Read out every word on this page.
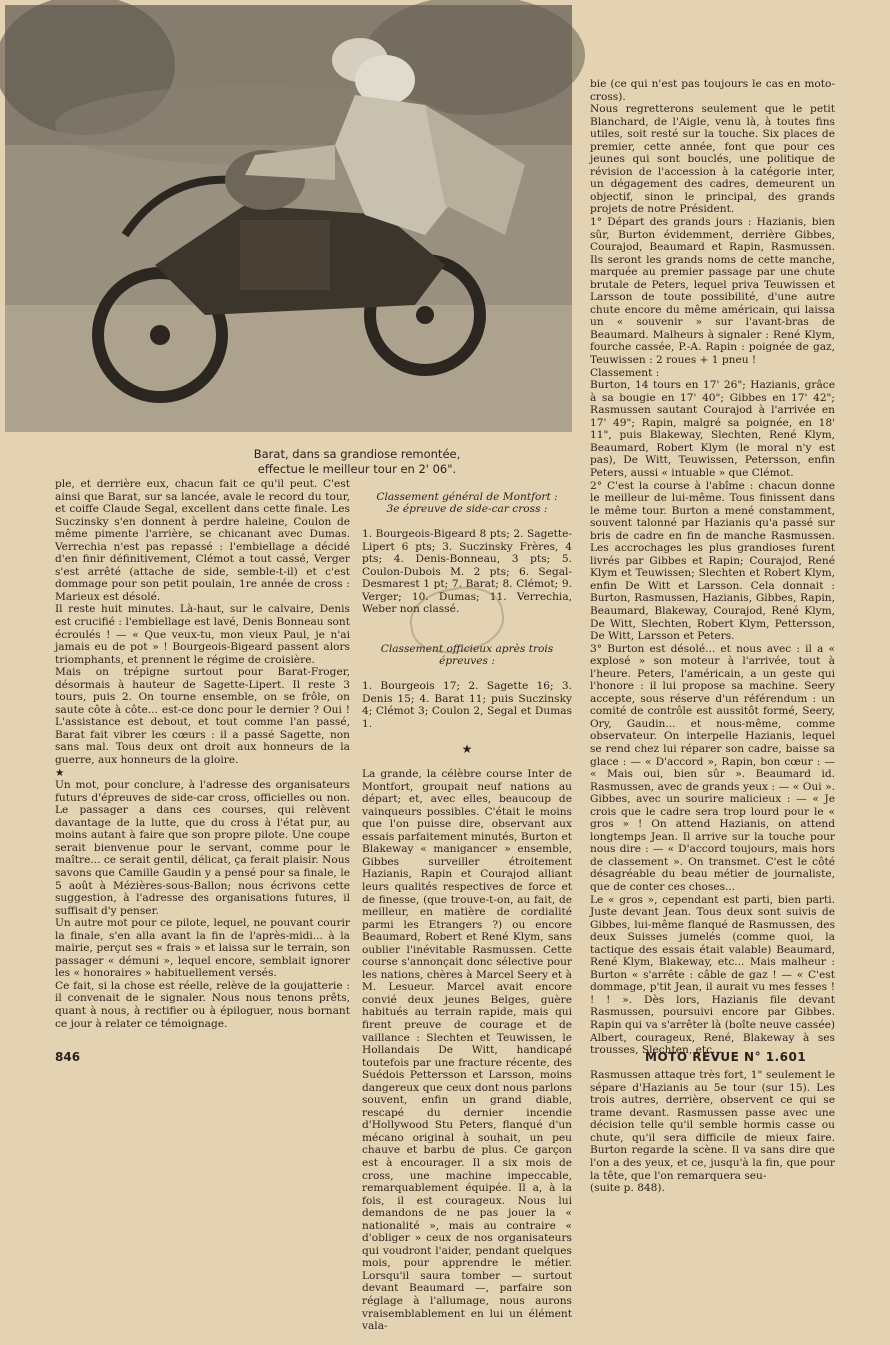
Barat, dans sa grandiose remontée,
effectue le meilleur tour en 2' 06".
ple, et derrière eux, chacun fait ce qu'il peut. C'est ainsi que Barat, sur sa lancée, avale le record du tour, et coiffe Claude Segal, excellent dans cette finale. Les Suczinsky s'en donnent à perdre haleine, Coulon de même pimente l'arrière, se chicanant avec Dumas. Verrechia n'est pas repassé : l'embiellage a décidé d'en finir définitivement, Clémot a tout cassé, Verger s'est arrêté (attache de side, semble-t-il) et c'est dommage pour son petit poulain, 1re année de cross : Marieux est désolé.
Il reste huit minutes. Là-haut, sur le calvaire, Denis est crucifié : l'embiellage est lavé, Denis Bonneau sont écroulés ! — « Que veux-tu, mon vieux Paul, je n'ai jamais eu de pot » ! Bourgeois-Bigeard passent alors triomphants, et prennent le régime de croisière.
Mais on trépigne surtout pour Barat-Froger, désormais à hauteur de Sagette-Lipert. Il reste 3 tours, puis 2. On tourne ensemble, on se frôle, on saute côte à côte... est-ce donc pour le dernier ? Oui ! L'assistance est debout, et tout comme l'an passé, Barat fait vibrer les cœurs : il a passé Sagette, non sans mal. Tous deux ont droit aux honneurs de la guerre, aux honneurs de la gloire.
★
Un mot, pour conclure, à l'adresse des organisateurs futurs d'épreuves de side-car cross, officielles ou non. Le passager a dans ces courses, qui relèvent davantage de la lutte, que du cross à l'état pur, au moins autant à faire que son propre pilote. Une coupe serait bienvenue pour le servant, comme pour le maître... ce serait gentil, délicat, ça ferait plaisir. Nous savons que Camille Gaudin y a pensé pour sa finale, le 5 août à Mézières-sous-Ballon; nous écrivons cette suggestion, à l'adresse des organisations futures, il suffisait d'y penser.
Un autre mot pour ce pilote, lequel, ne pouvant courir la finale, s'en alla avant la fin de l'après-midi... à la mairie, perçut ses « frais » et laissa sur le terrain, son passager « démuni », lequel encore, semblait ignorer les « honoraires » habituellement versés.
Ce fait, si la chose est réelle, relève de la goujatterie : il convenait de le signaler. Nous nous tenons prêts, quant à nous, à rectifier ou à épiloguer, nous bornant ce jour à relater ce témoignage.

Classement général de Montfort :
3e épreuve de side-car cross :

1. Bourgeois-Bigeard 8 pts; 2. Sagette-Lipert 6 pts; 3. Suczinsky Frères, 4 pts; 4. Denis-Bonneau, 3 pts; 5. Coulon-Dubois M. 2 pts; 6. Segal-Desmarest 1 pt; 7. Barat; 8. Clémot; 9. Verger; 10. Dumas; 11. Verrechia, Weber non classé.

Classement officieux après trois épreuves :

1. Bourgeois 17; 2. Sagette 16; 3. Denis 15; 4. Barat 11; puis Suczinsky 4; Clémot 3; Coulon 2, Segal et Dumas 1.

★

La grande, la célèbre course Inter de Montfort, groupait neuf nations au départ; et, avec elles, beaucoup de vainqueurs possibles. C'était le moins que l'on puisse dire, observant aux essais parfaitement minutés, Burton et Blakeway « maniganceг » ensemble, Gibbes surveiller étroitement Hazianis, Rapin et Courajod alliant leurs qualités respectives de force et de finesse, (que trouve-t-on, au fait, de meilleur, en matière de cordialité parmi les Etrangers ?) ou encore Beaumard, Robert et René Klym, sans oublier l'inévitable Rasmussen. Cette course s'annonçait donc sélective pour les nations, chères à Marcel Seery et à M. Lesueur. Marcel avait encore convié deux jeunes Belges, guère habitués au terrain rapide, mais qui firent preuve de courage et de vaillance : Slechten et Teuwissen, le Hollandais De Witt, handicapé toutefois par une fracture récente, des Suédois Pettersson et Larsson, moins dangereux que ceux dont nous parlons souvent, enfin un grand diable, rescapé du dernier incendie d'Hollywood Stu Peters, flanqué d'un mécano original à souhait, un peu chauve et barbu de plus. Ce garçon est à encourager. Il a six mois de cross, une machine impeccable, remarquablement équipée. Il a, à la fois, il est courageux. Nous lui demandons de ne pas jouer la « nationalité », mais au contraire « d'obliger » ceux de nos organisateurs qui voudront l'aider, pendant quelques mois, pour apprendre le métier. Lorsqu'il saura tomber — surtout devant Beaumard —, parfaire son réglage à l'allumage, nous aurons vraisemblablement en lui un élément vala-

bie (ce qui n'est pas toujours le cas en moto-cross).
Nous regretterons seulement que le petit Blanchard, de l'Aigle, venu là, à toutes fins utiles, soit resté sur la touche. Six places de premier, cette année, font que pour ces jeunes qui sont bouclés, une politique de révision de l'accession à la catégorie inter, un dégagement des cadres, demeurent un objectif, sinon le principal, des grands projets de notre Président.
1° Départ des grands jours : Hazianis, bien sûr, Burton évidemment, derrière Gibbes, Courajod, Beaumard et Rapin, Rasmussen. Ils seront les grands noms de cette manche, marquée au premier passage par une chute brutale de Peters, lequel priva Teuwissen et Larsson de toute possibilité, d'une autre chute encore du même américain, qui laissa un « souvenir » sur l'avant-bras de Beaumard. Malheurs à signaler : René Klym, fourche cassée, P.-A. Rapin : poignée de gaz, Teuwissen : 2 roues + 1 pneu !
Classement :
Burton, 14 tours en 17' 26"; Hazianis, grâce à sa bougie en 17' 40"; Gibbes en 17' 42"; Rasmussen sautant Courajod à l'arrivée en 17' 49"; Rapin, malgré sa poignée, en 18' 11", puis Blakeway, Slechten, René Klym, Beaumard, Robert Klym (le moral n'y est pas), De Witt, Teuwissen, Petersson, enfin Peters, aussi « intuable » que Clémot.
2° C'est la course à l'abîme : chacun donne le meilleur de lui-même. Tous finissent dans le même tour. Burton a mené constamment, souvent talonné par Hazianis qu'a passé sur bris de cadre en fin de manche Rasmussen. Les accrochages les plus grandioses furent livrés par Gibbes et Rapin; Courajod, René Klym et Teuwissen; Slechten et Robert Klym, enfin De Witt et Larsson. Cela donnait : Burton, Rasmussen, Hazianis, Gibbes, Rapin, Beaumard, Blakeway, Courajod, René Klym, De Witt, Slechten, Robert Klym, Pettersson, De Witt, Larsson et Peters.
3° Burton est désolé... et nous avec : il a « explosé » son moteur à l'arrivée, tout à l'heure. Peters, l'américain, a un geste qui l'honore : il lui propose sa machine. Seery accepte, sous réserve d'un référendum : un comité de contrôle est aussitôt formé, Seery, Ory, Gaudin... et nous-même, comme observateur. On interpelle Hazianis, lequel se rend chez lui réparer son cadre, baisse sa glace : — « D'accord », Rapin, bon cœur : — « Mais oui, bien sûr ». Beaumard id. Rasmussen, avec de grands yeux : — « Oui ». Gibbes, avec un sourire malicieux : — « Je crois que le cadre sera trop lourd pour le « gros » ! On attend Hazianis, on attend longtemps Jean. Il arrive sur la touche pour nous dire : — « D'accord toujours, mais hors de classement ». On transmet. C'est le côté désagréable du beau métier de journaliste, que de conter ces choses...
Le « gros », cependant est parti, bien parti. Juste devant Jean. Tous deux sont suivis de Gibbes, lui-même flanqué de Rasmussen, des deux Suisses jumelés (comme quoi, la tactique des essais était valable) Beaumard, René Klym, Blakeway, etc... Mais malheur : Burton « s'arrête : câble de gaz ! — « C'est dommage, p'tit Jean, il aurait vu mes fesses ! ! ! ». Dès lors, Hazianis file devant Rasmussen, poursuivi encore par Gibbes. Rapin qui va s'arrêter là (boîte neuve cassée) Albert, courageux, René, Blakeway à ses trousses, Slechten, etc...

Rasmussen attaque très fort, 1" seulement le sépare d'Hazianis au 5e tour (sur 15). Les trois autres, derrière, observent ce qui se trame devant. Rasmussen passe avec une décision telle qu'il semble hormis casse ou chute, qu'il sera difficile de mieux faire. Burton regarde la scène. Il va sans dire que l'on a des yeux, et ce, jusqu'à la fin, que pour la tête, que l'on remarquera seu-
(suite p. 848).
846	MOTO REVUE N° 1.601
